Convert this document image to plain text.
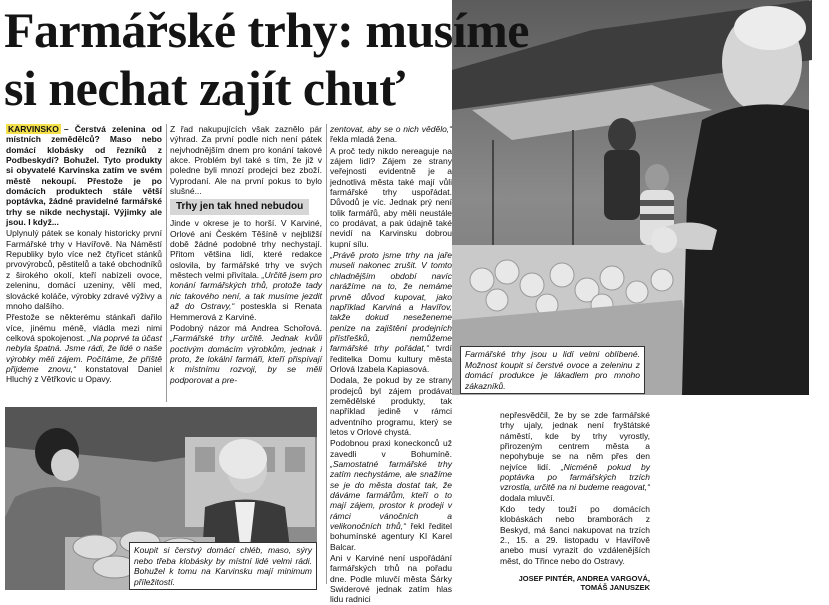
Farmářské trhy: musíme
si nechat zajít chuť

KARVINSKO – Čerstvá zelenina od místních zemědělců? Maso nebo domácí klobásky od řezníků z Podbeskydí? Bohužel. Tyto produkty si obyvatelé Karvinska zatím ve svém městě nekoupí. Přestože je po domácích produktech stále větší poptávka, žádné pravidelné farmářské trhy se nikde nechystají. Výjimky ale jsou. I když...

Uplynulý pátek se konaly historicky první Farmářské trhy v Havířově. Na Náměstí Republiky bylo více než čtyřicet stánků prvovýrobců, pěstitelů a také obchodníků z širokého okolí, kteří nabízeli ovoce, zeleninu, domácí uzeniny, vělí med, slovácké koláče, výrobky zdravé výživy a mnoho dalšího.

Přestože se některému stánkaři dařilo více, jinému méně, vládla mezi nimi celková spokojenost. „Na poprvé ta účast nebyla špatná. Jsme rádi, že lidé o naše výrobky měli zájem. Počítáme, že příště přijdeme znovu,“ konstatoval Daniel Hluchý z Větřkovic u Opavy.

Z řad nakupujících však zaznělo pár výhrad. Za první podle nich není pátek nejvhodnějším dnem pro konání takové akce. Problém byl také s tím, že již v poledne byli mnozí prodejci bez zboží. Vyprodaní. Ale na první pokus to bylo slušné...

Trhy jen tak hned nebudou

Jinde v okrese je to horší. V Karviné, Orlové ani Českém Těšíně v nejbližší době žádné podobné trhy nechystají. Přitom většina lidí, které redakce oslovila, by farmářské trhy ve svých městech velmi přivítala. „Určitě jsem pro konání farmářských trhů, protože tady nic takového není, a tak musíme jezdit až do Ostravy,“ posteskla si Renata Hemmerová z Karviné.

Podobný názor má Andrea Schořová. „Farmářské trhy určitě. Jednak kvůli poctivým domácím výrobkům, jednak i proto, že lokální farmáři, kteří přispívají k místnímu rozvoji, by se měli podporovat a pre-

zentovat, aby se o nich vědělo,“ řekla mladá žena.

A proč tedy nikdo nereaguje na zájem lidí? Zájem ze strany veřejnosti evidentně je a jednotlivá města také mají vůli farmářské trhy uspořádat. Důvodů je víc. Jednak prý není tolik farmářů, aby měli neustále co prodávat, a pak údajně také nevidí na Karvinsku dobrou kupní sílu.

„Právě proto jsme trhy na jaře museli nakonec zrušit. V tomto chladnějším období navíc narážíme na to, že nemáme prvně důvod kupovat, jako například Karviná a Havířov, takže dokud neseženeme peníze na zajištění prodejních přístřešků, nemůžeme farmářské trhy pořádat,“ tvrdí ředitelka Domu kultury města Orlová Izabela Kapiasová.

Dodala, že pokud by ze strany prodejců byl zájem prodávat zemědělské produkty, tak například jedině v rámci adventního programu, který se letos v Orlové chystá.

Podobnou praxi koneckonců už zavedli v Bohumíně. „Samostatné farmářské trhy zatím nechystáme, ale snažíme se je do města dostat tak, že dáváme farmářům, kteří o to mají zájem, prostor k prodeji v rámci vánočních a velikonočních trhů,“ řekl ředitel bohumínské agentury KI Karel Balcar.

Ani v Karviné není uspořádání farmářských trhů na pořadu dne. Podle mluvčí města Šárky Swiderové jednak zatím hlas lidu radnici

Farmářské trhy jsou u lidí velmi oblíbené. Možnost koupit si čerstvé ovoce a zeleninu z domácí produkce je lákadlem pro mnoho zákazníků.

nepřesvědčil, že by se zde farmářské trhy ujaly, jednak není fryštátské náměstí, kde by trhy vyrostly, přirozeným centrem města a nepohybuje se na něm přes den nejvíce lidí. „Nicméně pokud by poptávka po farmářských trzích vzrostla, určitě na ni budeme reagovat,“ dodala mluvčí.

Kdo tedy touží po domácích klobáskách nebo bramborách z Beskyd, má šanci nakupovat na trzích 2., 15. a 29. listopadu v Havířově anebo musí vyrazit do vzdálenějších měst, do Třince nebo do Ostravy.

JOSEF PINTÉR, ANDREA VARGOVÁ,
TOMÁŠ JANUSZEK
Koupit si čerstvý domácí chléb, maso, sýry nebo třeba klobásky by místní lidé velmi rádi. Bohužel k tomu na Karvinsku mají minimum příležitostí.
